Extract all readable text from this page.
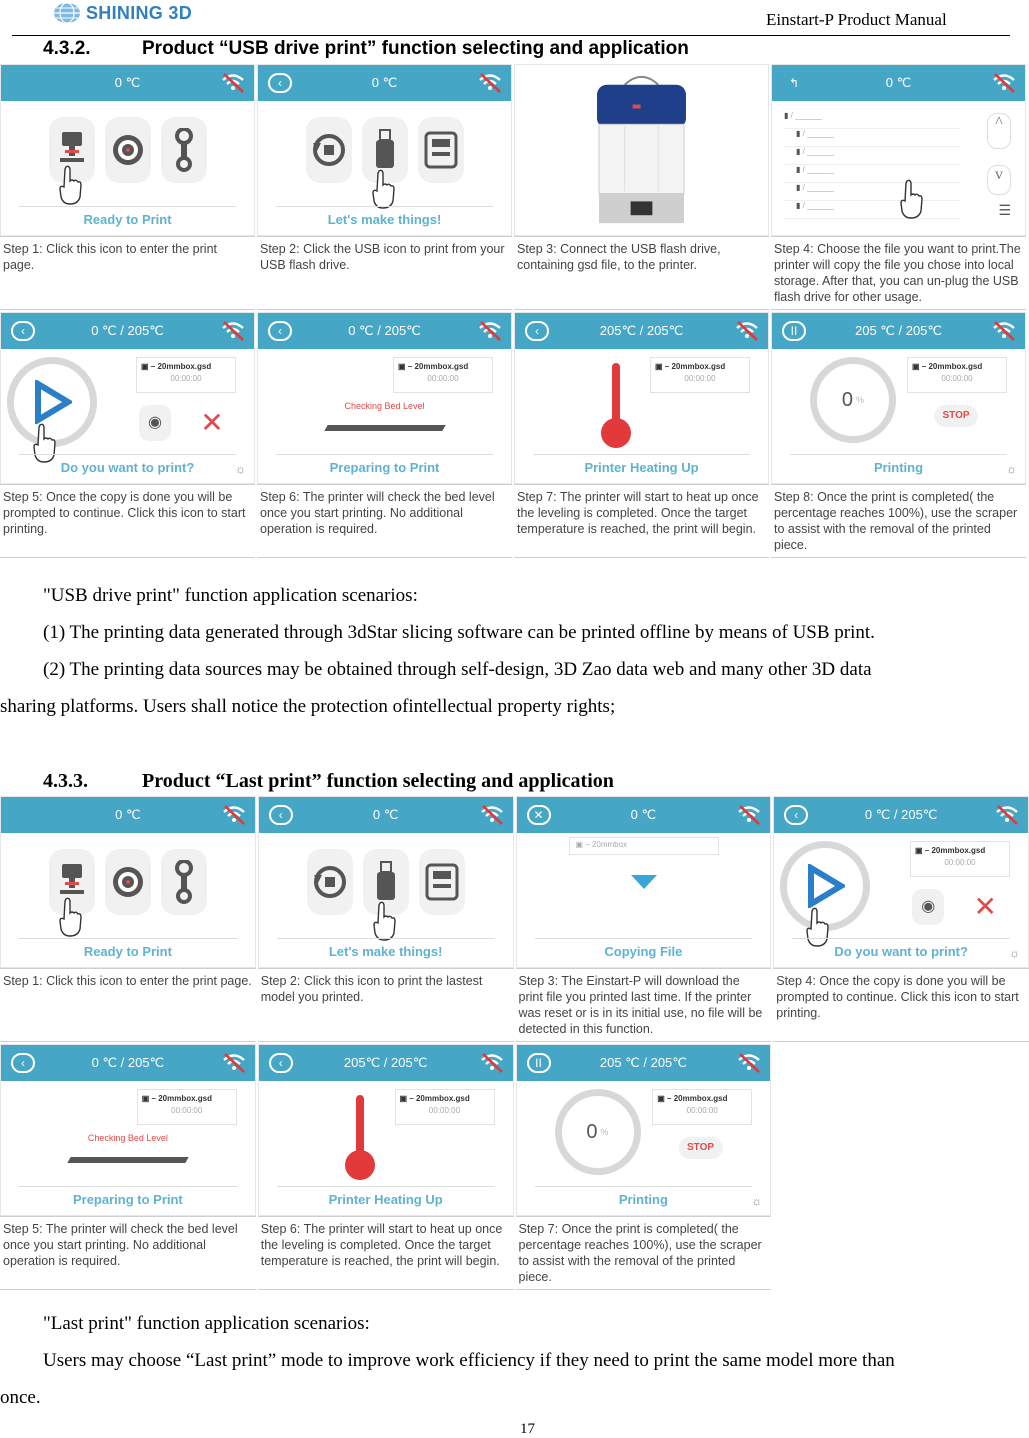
SHINING 3D	Einstart-P Product Manual
4.3.2.	Product “USB drive print” function selecting and application
0 ℃
Ready to Print
Step 1: Click this icon to enter the print page.
‹	0 ℃
Let's make things!
Step 2: Click the USB icon to print from your USB flash drive.
Step 3: Connect the USB flash drive, containing gsd file, to the printer.
↰	0 ℃
▮ / ______
▮ / ______
▮ / ______
▮ / ______
▮ / ______
▮ / ______
^
v
☰
Step 4: Choose the file you want to print.The printer will copy the file you chose into local storage. After that, you can un-plug the USB flash drive for other usage.
‹	0 ℃ / 205℃
▣ – 20mmbox.gsd
00:00:00
◉	✕
☼
Do you want to print?
Step 5: Once the copy is done you will be prompted to continue. Click this icon to start printing.
‹	0 ℃ / 205℃
▣ – 20mmbox.gsd
00:00:00
Checking Bed Level
Preparing to Print
Step 6: The printer will check the bed level once you start printing. No additional operation is required.
‹	205℃ / 205℃
▣ – 20mmbox.gsd
00:00:00
Printer Heating Up
Step 7: The printer will start to heat up once the leveling is completed. Once the target temperature is reached, the print will begin.
II	205 ℃ / 205℃
▣ – 20mmbox.gsd
00:00:00
0 %
STOP
☼
Printing
Step 8: Once the print is completed( the percentage reaches 100%), use the scraper to assist with the removal of the printed piece.
"USB drive print" function application scenarios:
(1) The printing data generated through 3dStar slicing software can be printed offline by means of USB print.
(2) The printing data sources may be obtained through self-design, 3D Zao data web and many other 3D data
sharing platforms. Users shall notice the protection ofintellectual property rights;
4.3.3.	Product “Last print” function selecting and application
0 ℃
Ready to Print
Step 1: Click this icon to enter the print page.
‹	0 ℃
Let's make things!
Step 2: Click this icon to print the lastest model you printed.
✕	0 ℃
▣ – 20mmbox
Copying File
Step 3: The Einstart-P will download the print file you printed last time. If the printer was reset or is in its initial use, no file will be detected in this function.
‹	0 ℃ / 205℃
▣ – 20mmbox.gsd
00:00:00
◉	✕
☼
Do you want to print?
Step 4: Once the copy is done you will be prompted to continue. Click this icon to start printing.
‹	0 ℃ / 205℃
▣ – 20mmbox.gsd
00:00:00
Checking Bed Level
Preparing to Print
Step 5: The printer will check the bed level once you start printing. No additional operation is required.
‹	205℃ / 205℃
▣ – 20mmbox.gsd
00:00:00
Printer Heating Up
Step 6: The printer will start to heat up once the leveling is completed. Once the target temperature is reached, the print will begin.
II	205 ℃ / 205℃
▣ – 20mmbox.gsd
00:00:00
0 %
STOP
☼
Printing
Step 7: Once the print is completed( the percentage reaches 100%), use the scraper to assist with the removal of the printed piece.
"Last print" function application scenarios:
Users may choose “Last print” mode to improve work efficiency if they need to print the same model more than
once.
17
